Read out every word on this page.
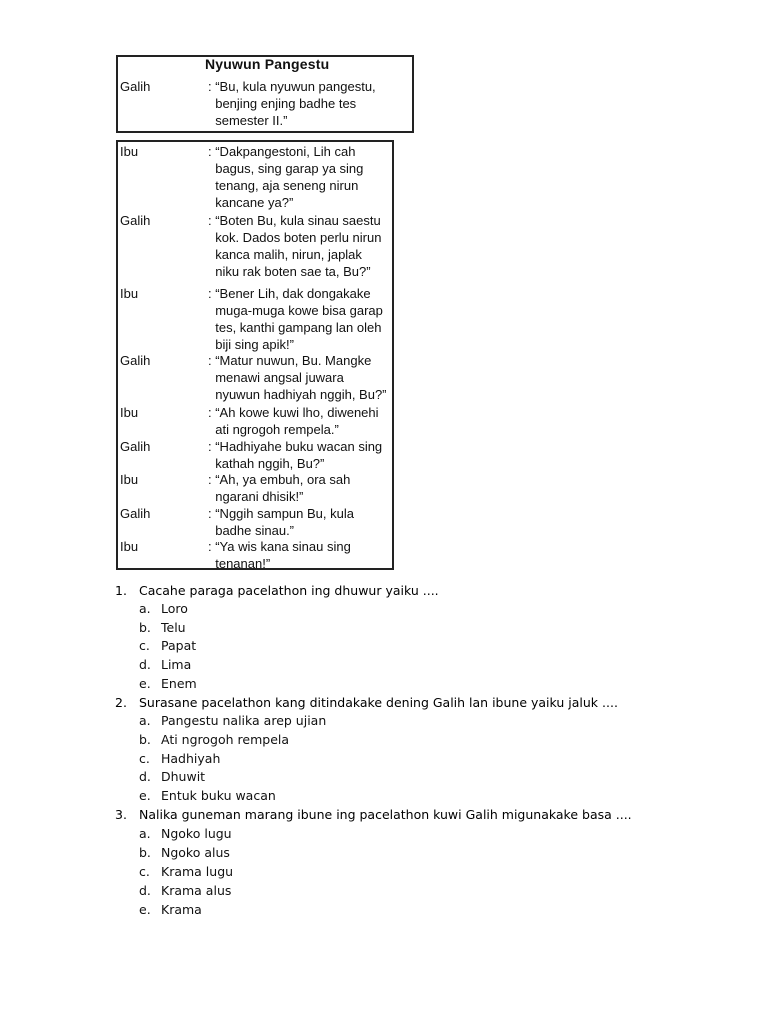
Nyuwun Pangestu
Galih	: “Bu, kula nyuwun pangestu,
benjing enjing badhe tes
semester II.”
Ibu	: “Dakpangestoni, Lih cah
bagus, sing garap ya sing
tenang, aja seneng nirun
kancane ya?”
Galih	: “Boten Bu, kula sinau saestu
kok. Dados boten perlu nirun
kanca malih, nirun, japlak
niku rak boten sae ta, Bu?”
Ibu	: “Bener Lih, dak dongakake
muga-muga kowe bisa garap
tes, kanthi gampang lan oleh
biji sing apik!”
Galih	: “Matur nuwun, Bu. Mangke
menawi angsal juwara
nyuwun hadhiyah nggih, Bu?”
Ibu	: “Ah kowe kuwi lho, diwenehi
ati ngrogoh rempela.”
Galih	: “Hadhiyahe buku wacan sing
kathah nggih, Bu?”
Ibu	: “Ah, ya embuh, ora sah
ngarani dhisik!”
Galih	: “Nggih sampun Bu, kula
badhe sinau.”
Ibu	: “Ya wis kana sinau sing
tenanan!”
1. Cacahe paraga pacelathon ing dhuwur yaiku ....
a. Loro
b. Telu
c. Papat
d. Lima
e. Enem
2. Surasane pacelathon kang ditindakake dening Galih lan ibune yaiku jaluk ....
a. Pangestu nalika arep ujian
b. Ati ngrogoh rempela
c. Hadhiyah
d. Dhuwit
e. Entuk buku wacan
3. Nalika guneman marang ibune ing pacelathon kuwi Galih migunakake basa ....
a. Ngoko lugu
b. Ngoko alus
c. Krama lugu
d. Krama alus
e. Krama
